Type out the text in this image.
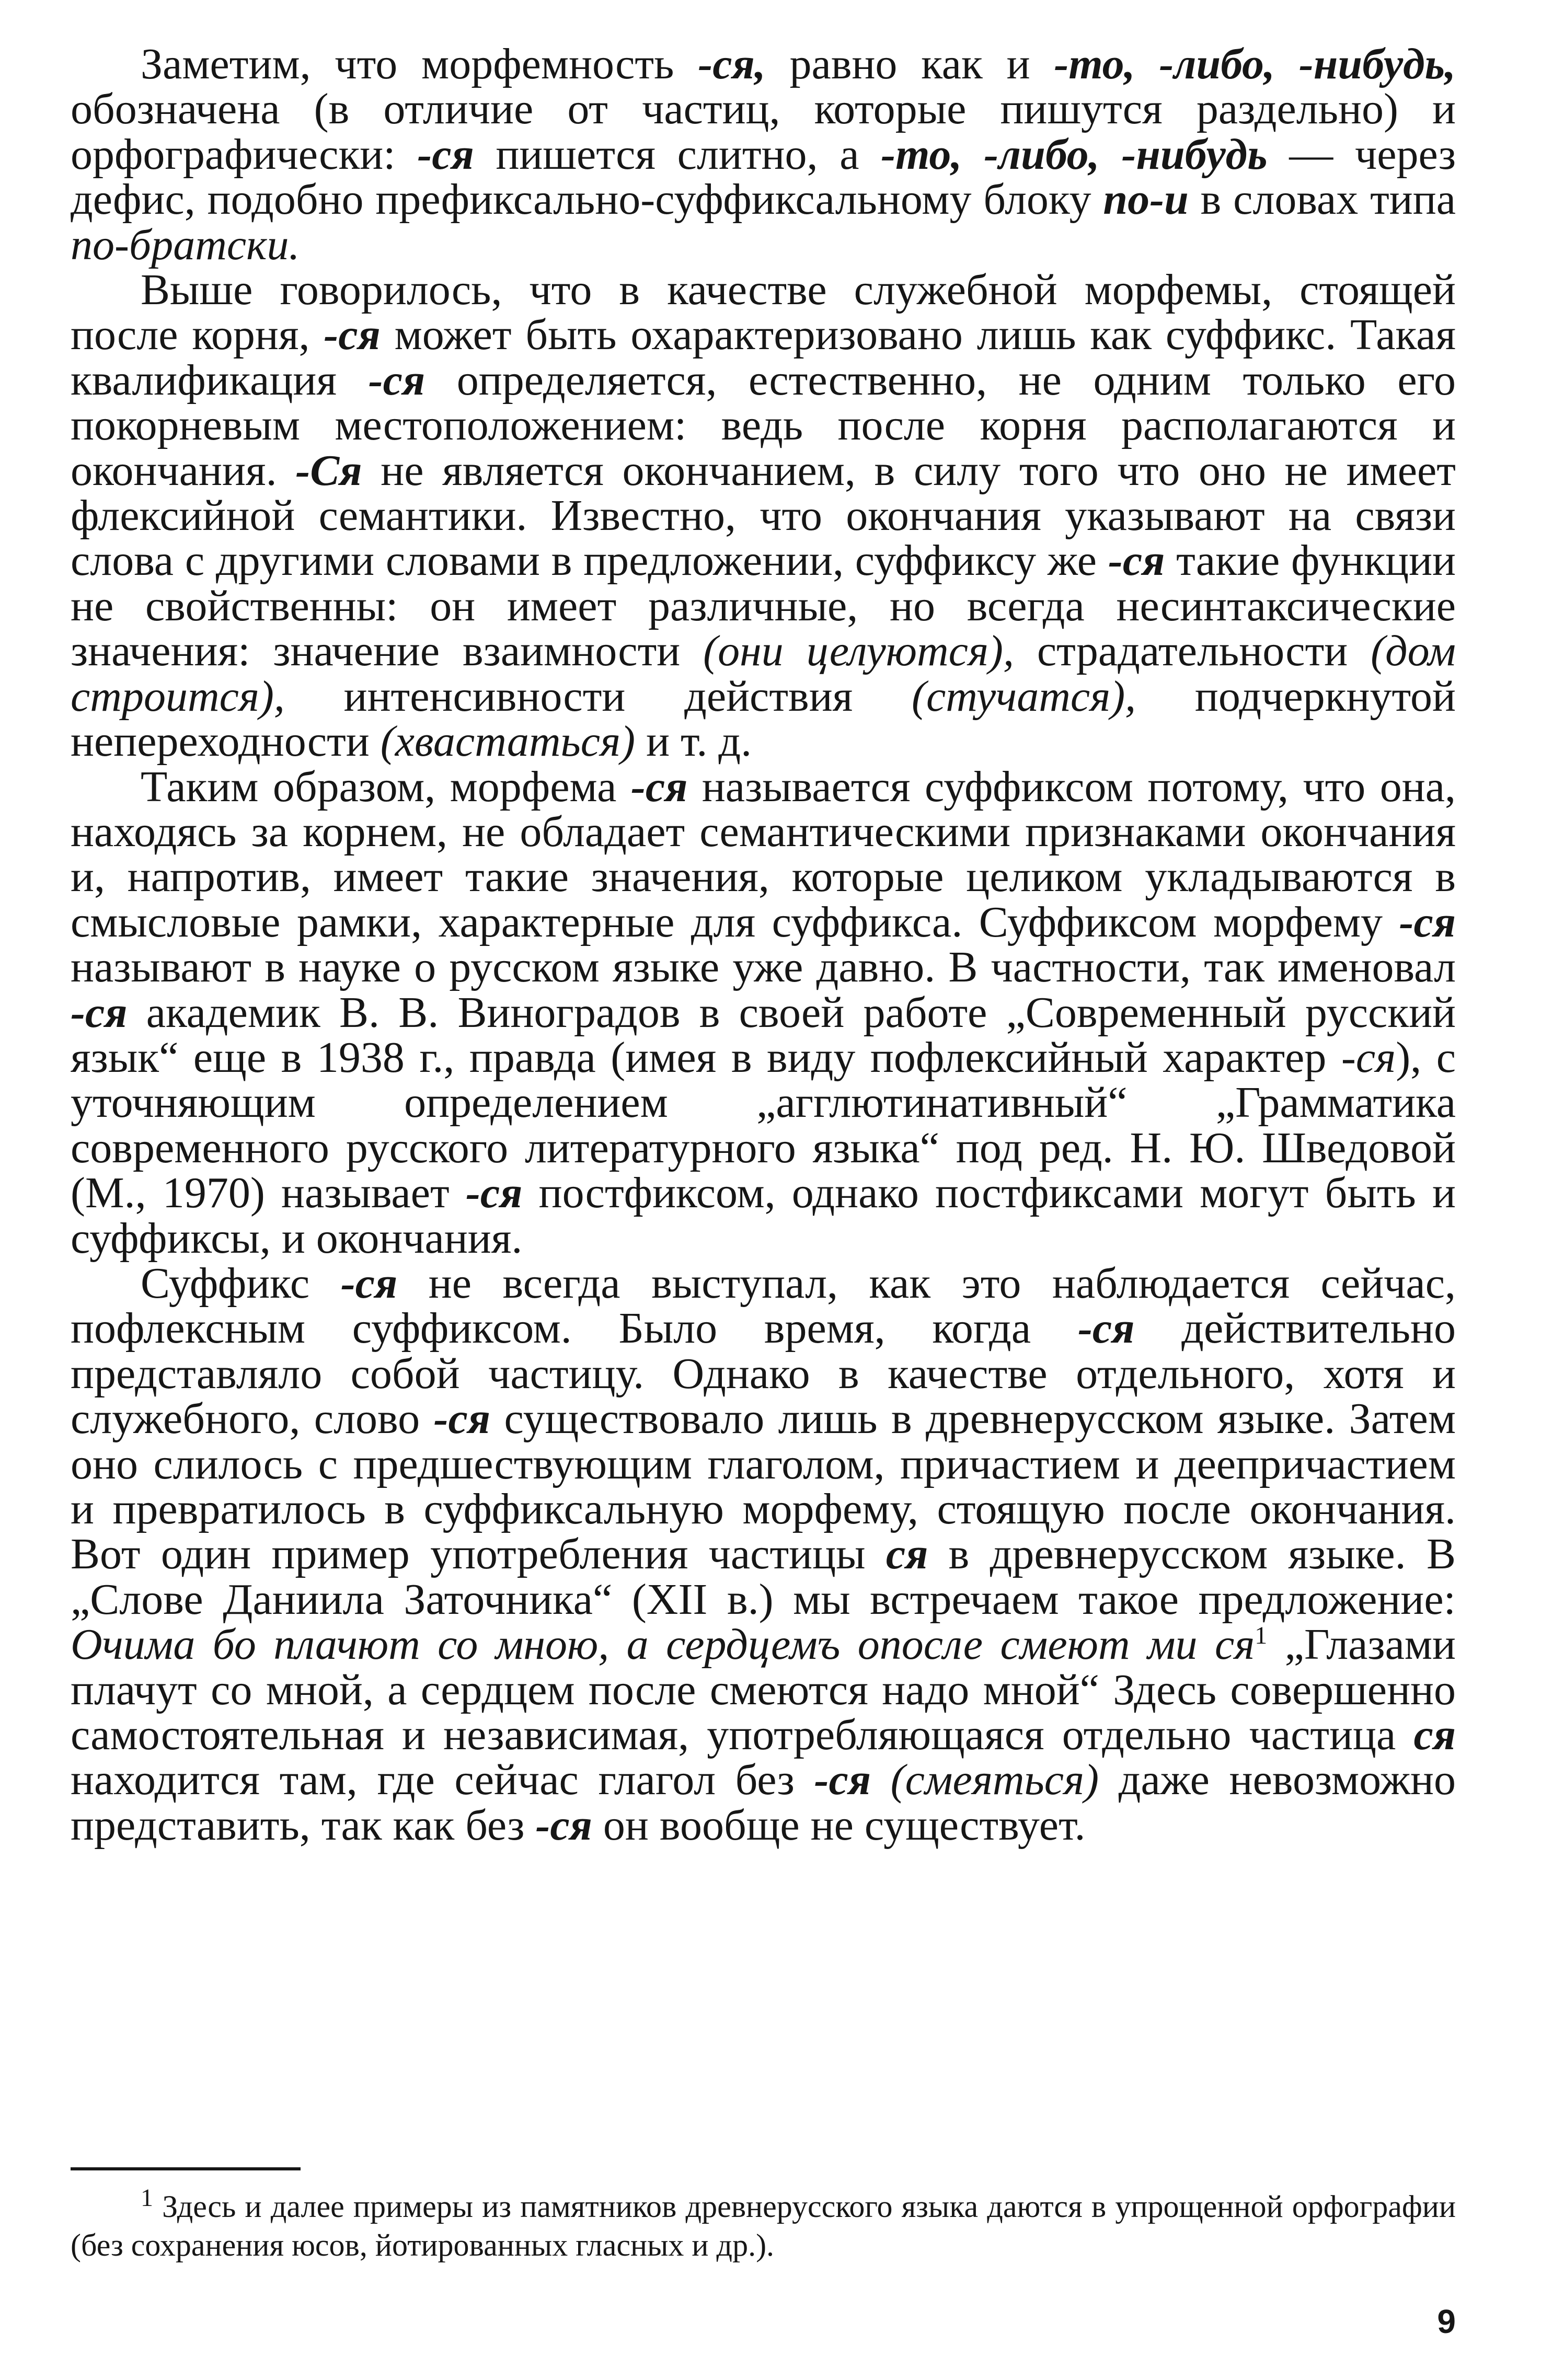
Заметим, что морфемность -ся, равно как и -то, -либо, -нибудь, обозначена (в отличие от частиц, которые пишутся раздельно) и орфографически: -ся пишется слитно, а -то, -либо, -нибудь — через дефис, подобно префиксально-суффиксальному блоку по-и в словах типа по-братски.

Выше говорилось, что в качестве служебной морфемы, стоящей после корня, -ся может быть охарактеризовано лишь как суффикс. Такая квалификация -ся определяется, естественно, не одним только его покорневым местоположением: ведь после корня располагаются и окончания. -Ся не является окончанием, в силу того что оно не имеет флексийной семантики. Известно, что окончания указывают на связи слова с другими словами в предложении, суффиксу же -ся такие функции не свойственны: он имеет различные, но всегда несинтаксические значения: значение взаимности (они целуются), страдательности (дом строится), интенсивности действия (стучатся), подчеркнутой непереходности (хвастаться) и т. д.

Таким образом, морфема -ся называется суффиксом потому, что она, находясь за корнем, не обладает семантическими признаками окончания и, напротив, имеет такие значения, которые целиком укладываются в смысловые рамки, характерные для суффикса. Суффиксом морфему -ся называют в науке о русском языке уже давно. В частности, так именовал -ся академик В. В. Виноградов в своей работе „Современный русский язык“ еще в 1938 г., правда (имея в виду пофлексийный характер -ся), с уточняющим определением „агглютинативный“ „Грамматика современного русского литературного языка“ под ред. Н. Ю. Шведовой (М., 1970) называет -ся постфиксом, однако постфиксами могут быть и суффиксы, и окончания.

Суффикс -ся не всегда выступал, как это наблюдается сейчас, пофлексным суффиксом. Было время, когда -ся действительно представляло собой частицу. Однако в качестве отдельного, хотя и служебного, слово -ся существовало лишь в древнерусском языке. Затем оно слилось с предшествующим глаголом, причастием и деепричастием и превратилось в суффиксальную морфему, стоящую после окончания. Вот один пример употребления частицы ся в древнерусском языке. В „Слове Даниила Заточника“ (XII в.) мы встречаем такое предложение: Очима бо плачют со мною, а сердцемъ опосле смеют ми $ся^1$ „Глазами плачут со мной, а сердцем после смеются надо мной“ Здесь совершенно самостоятельная и независимая, употребляющаяся отдельно частица ся находится там, где сейчас глагол без -ся (смеяться) даже невозможно представить, так как без -ся он вообще не существует.

$^1$ Здесь и далее примеры из памятников древнерусского языка даются в упрощенной орфографии (без сохранения юсов, йотированных гласных и др.).

9
